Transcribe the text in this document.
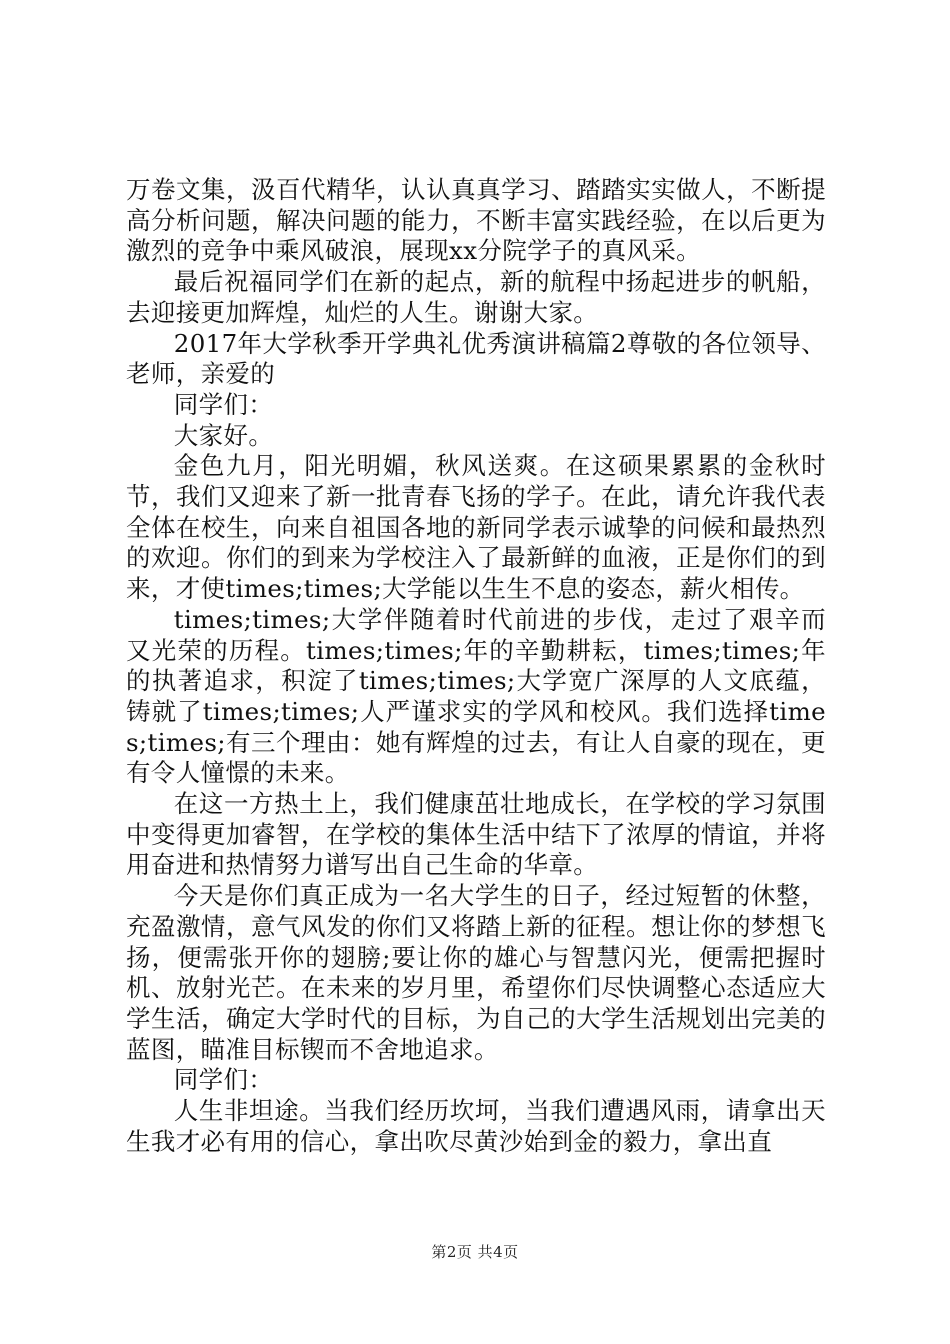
万卷文集，汲百代精华，认认真真学习、踏踏实实做人，不断提高分析问题，解决问题的能力，不断丰富实践经验，在以后更为激烈的竞争中乘风破浪，展现xx分院学子的真风采。

最后祝福同学们在新的起点，新的航程中扬起进步的帆船，去迎接更加辉煌，灿烂的人生。谢谢大家。

2017年大学秋季开学典礼优秀演讲稿篇2尊敬的各位领导、老师，亲爱的

同学们：

大家好。

金色九月，阳光明媚，秋风送爽。在这硕果累累的金秋时节，我们又迎来了新一批青春飞扬的学子。在此，请允许我代表全体在校生，向来自祖国各地的新同学表示诚挚的问候和最热烈的欢迎。你们的到来为学校注入了最新鲜的血液，正是你们的到来，才使times;times;大学能以生生不息的姿态，薪火相传。

times;times;大学伴随着时代前进的步伐，走过了艰辛而又光荣的历程。times;times;年的辛勤耕耘，times;times;年的执著追求，积淀了times;times;大学宽广深厚的人文底蕴，铸就了times;times;人严谨求实的学风和校风。我们选择times;times;有三个理由：她有辉煌的过去，有让人自豪的现在，更有令人憧憬的未来。

在这一方热土上，我们健康茁壮地成长，在学校的学习氛围中变得更加睿智，在学校的集体生活中结下了浓厚的情谊，并将用奋进和热情努力谱写出自己生命的华章。

今天是你们真正成为一名大学生的日子，经过短暂的休整，充盈激情，意气风发的你们又将踏上新的征程。想让你的梦想飞扬，便需张开你的翅膀;要让你的雄心与智慧闪光，便需把握时机、放射光芒。在未来的岁月里，希望你们尽快调整心态适应大学生活，确定大学时代的目标，为自己的大学生活规划出完美的蓝图，瞄准目标锲而不舍地追求。

同学们：

人生非坦途。当我们经历坎坷，当我们遭遇风雨，请拿出天生我才必有用的信心，拿出吹尽黄沙始到金的毅力，拿出直

第2页 共4页
